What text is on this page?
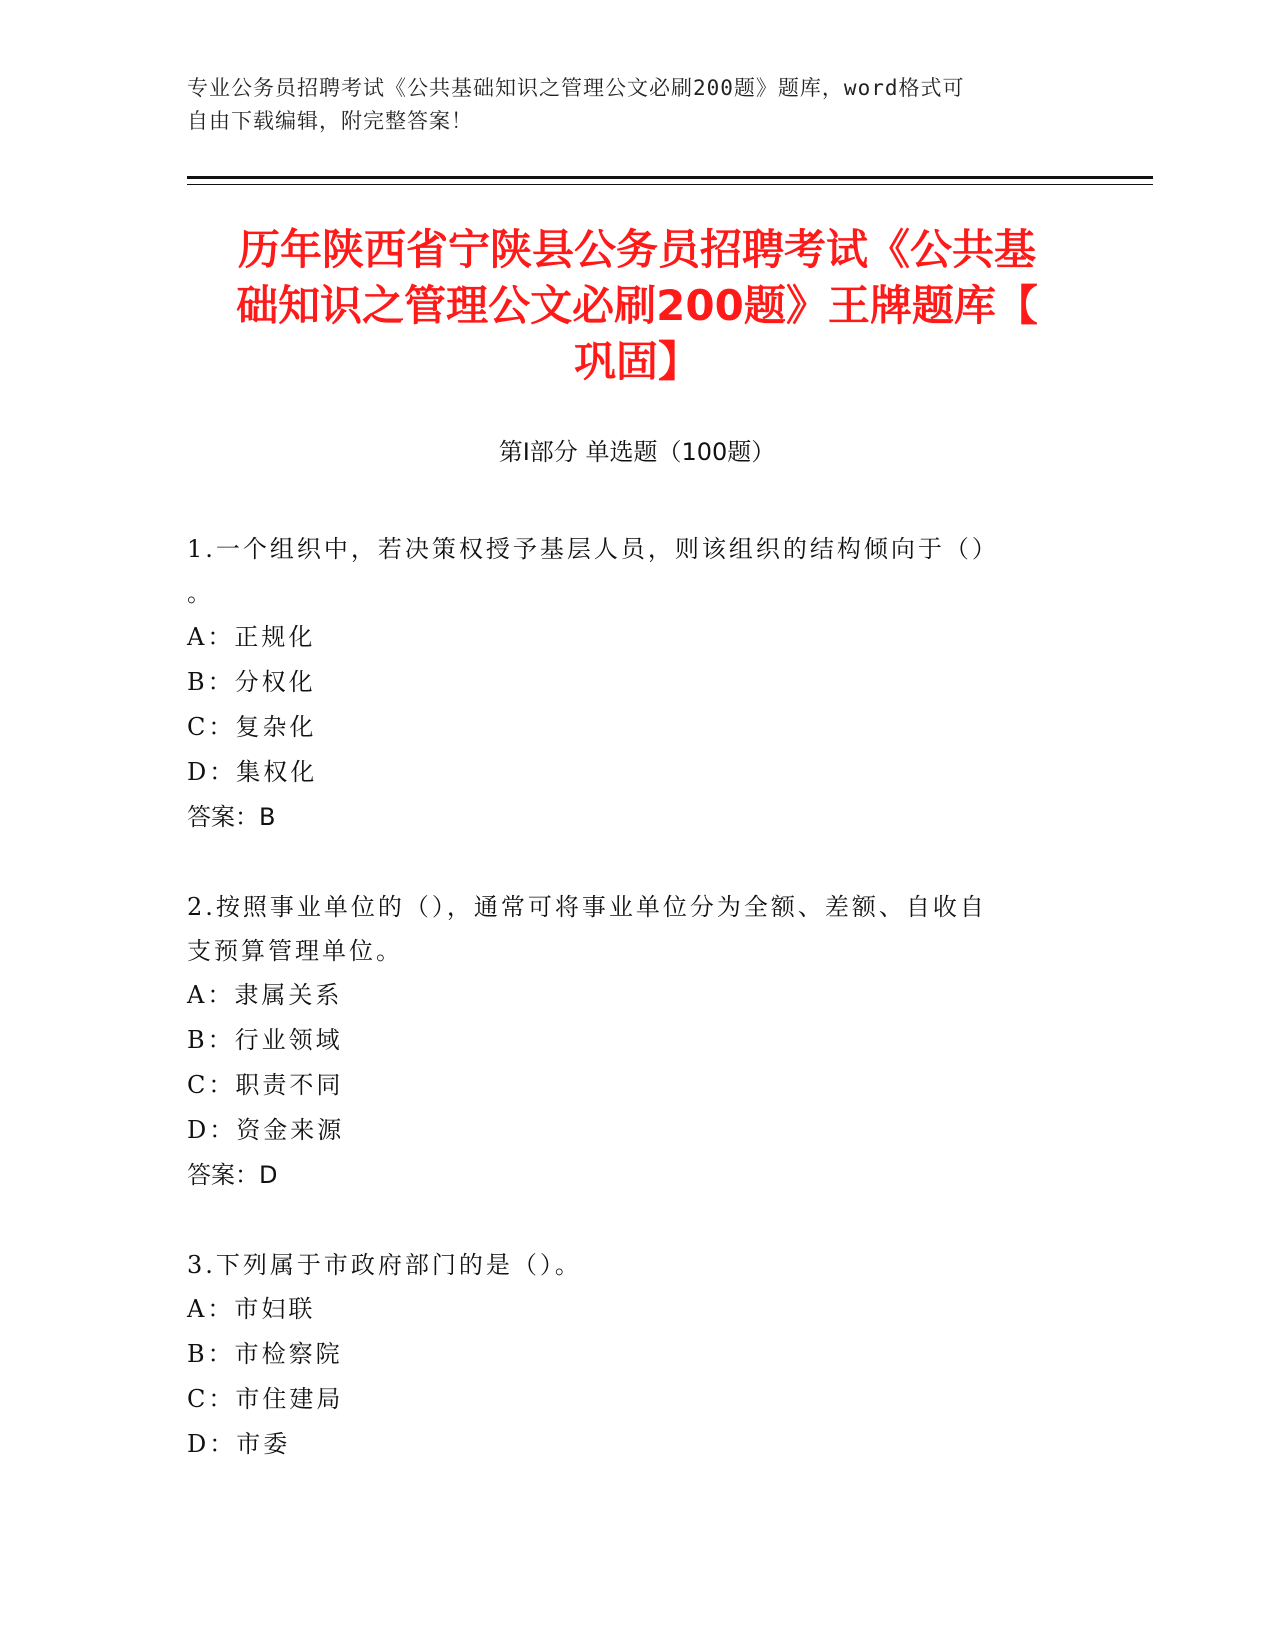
专业公务员招聘考试《公共基础知识之管理公文必刷200题》题库，word格式可
自由下载编辑，附完整答案！
历年陕西省宁陕县公务员招聘考试《公共基
础知识之管理公文必刷200题》王牌题库【
巩固】
第Ⅰ部分 单选题（100题）

1.一个组织中，若决策权授予基层人员，则该组织的结构倾向于（）

。

A：正规化

B：分权化

C：复杂化

D：集权化

答案：B

2.按照事业单位的（），通常可将事业单位分为全额、差额、自收自

支预算管理单位。

A：隶属关系

B：行业领域

C：职责不同

D：资金来源

答案：D

3.下列属于市政府部门的是（）。

A：市妇联

B：市检察院

C：市住建局

D：市委
